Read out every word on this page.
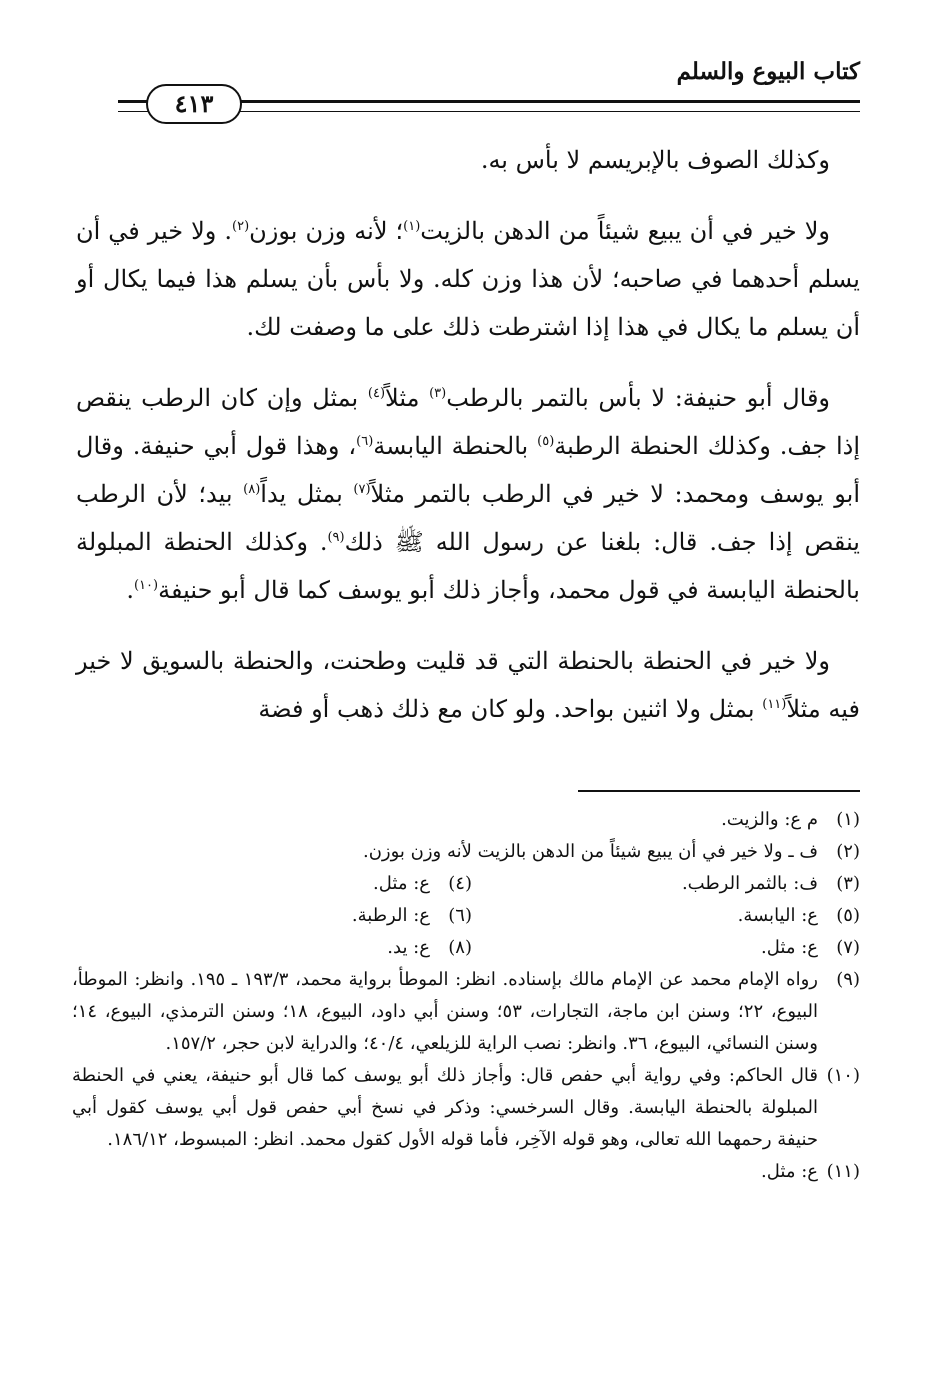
كتاب البيوع والسلم
٤١٣

وكذلك الصوف بالإبريسم لا بأس به.

ولا خير في أن يبيع شيئاً من الدهن بالزيت$^{(١)}$؛ لأنه وزن بوزن$^{(٢)}$. ولا خير في أن يسلم أحدهما في صاحبه؛ لأن هذا وزن كله. ولا بأس بأن يسلم هذا فيما يكال أو أن يسلم ما يكال في هذا إذا اشترطت ذلك على ما وصفت لك.

وقال أبو حنيفة: لا بأس بالتمر بالرطب$^{(٣)}$ مثلاً$^{(٤)}$ بمثل وإن كان الرطب ينقص إذا جف. وكذلك الحنطة الرطبة$^{(٥)}$ بالحنطة اليابسة$^{(٦)}$، وهذا قول أبي حنيفة. وقال أبو يوسف ومحمد: لا خير في الرطب بالتمر مثلاً$^{(٧)}$ بمثل يداً$^{(٨)}$ بيد؛ لأن الرطب ينقص إذا جف. قال: بلغنا عن رسول الله ﷺ ذلك$^{(٩)}$. وكذلك الحنطة المبلولة بالحنطة اليابسة في قول محمد، وأجاز ذلك أبو يوسف كما قال أبو حنيفة$^{(١٠)}$.

ولا خير في الحنطة بالحنطة التي قد قليت وطحنت، والحنطة بالسويق لا خير فيه مثلاً$^{(١١)}$ بمثل ولا اثنين بواحد. ولو كان مع ذلك ذهب أو فضة

(١)
م ع: والزيت.
(٢)
ف ـ ولا خير في أن يبيع شيئاً من الدهن بالزيت لأنه وزن بوزن.
(٣)
ف: بالثمر الرطب.
(٤)
ع: مثل.
(٥)
ع: اليابسة.
(٦)
ع: الرطبة.
(٧)
ع: مثل.
(٨)
ع: يد.
(٩)
رواه الإمام محمد عن الإمام مالك بإسناده. انظر: الموطأ برواية محمد، ١٩٣/٣ ـ ١٩٥. وانظر: الموطأ، البيوع، ٢٢؛ وسنن ابن ماجة، التجارات، ٥٣؛ وسنن أبي داود، البيوع، ١٨؛ وسنن الترمذي، البيوع، ١٤؛ وسنن النسائي، البيوع، ٣٦. وانظر: نصب الراية للزيلعي، ٤٠/٤؛ والدراية لابن حجر، ١٥٧/٢.
(١٠)
قال الحاكم: وفي رواية أبي حفص قال: وأجاز ذلك أبو يوسف كما قال أبو حنيفة، يعني في الحنطة المبلولة بالحنطة اليابسة. وقال السرخسي: وذكر في نسخ أبي حفص قول أبي يوسف كقول أبي حنيفة رحمهما الله تعالى، وهو قوله الآخِر، فأما قوله الأول كقول محمد. انظر: المبسوط، ١٨٦/١٢.
(١١)
ع: مثل.
